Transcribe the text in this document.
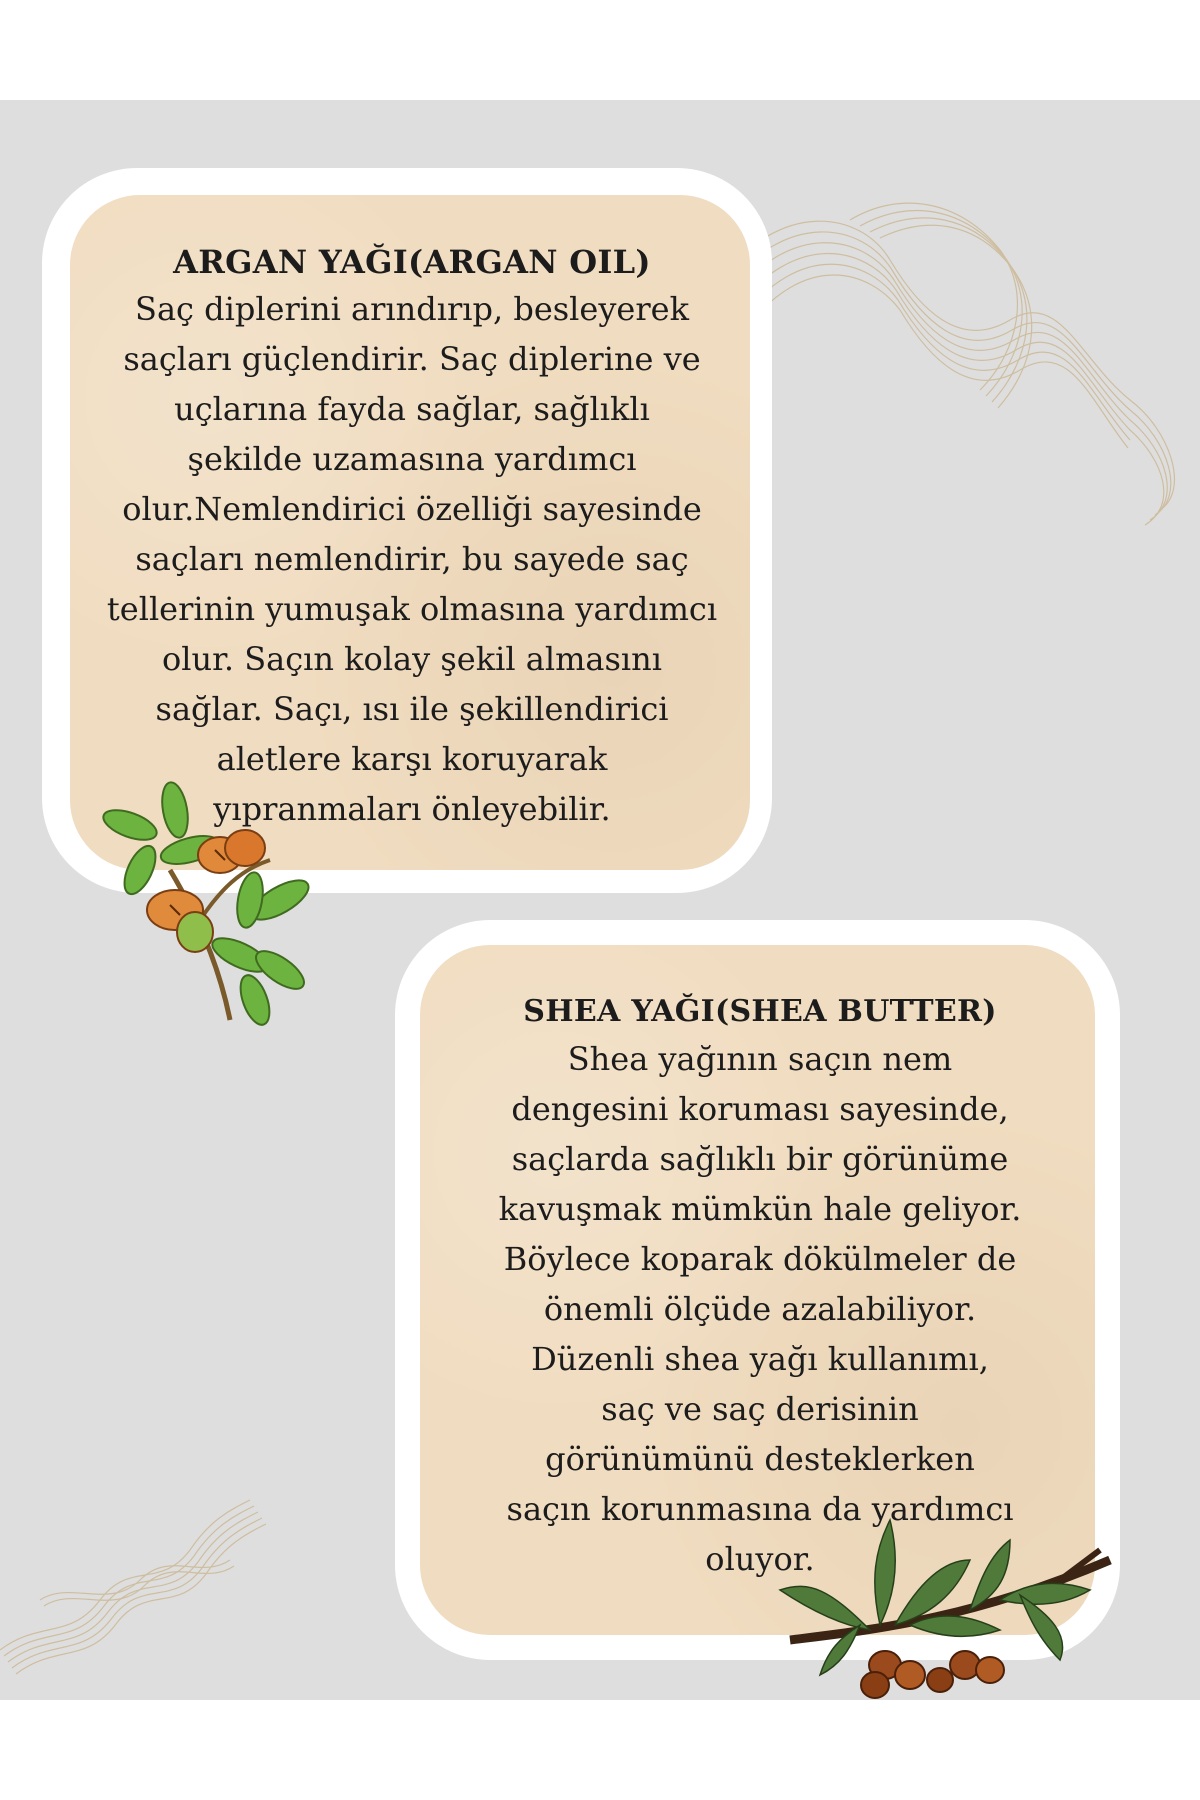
ARGAN YAĞI(ARGAN OIL)
Saç diplerini arındırıp, besleyerek
saçları güçlendirir. Saç diplerine ve
uçlarına fayda sağlar, sağlıklı
şekilde uzamasına yardımcı
olur.Nemlendirici özelliği sayesinde
saçları nemlendirir, bu sayede saç
tellerinin yumuşak olmasına yardımcı
olur. Saçın kolay şekil almasını
sağlar. Saçı, ısı ile şekillendirici
aletlere karşı koruyarak
yıpranmaları önleyebilir.
SHEA YAĞI(SHEA BUTTER)
Shea yağının saçın nem
dengesini koruması sayesinde,
saçlarda sağlıklı bir görünüme
kavuşmak mümkün hale geliyor.
Böylece koparak dökülmeler de
önemli ölçüde azalabiliyor.
Düzenli shea yağı kullanımı,
saç ve saç derisinin
görünümünü desteklerken
saçın korunmasına da yardımcı
oluyor.
